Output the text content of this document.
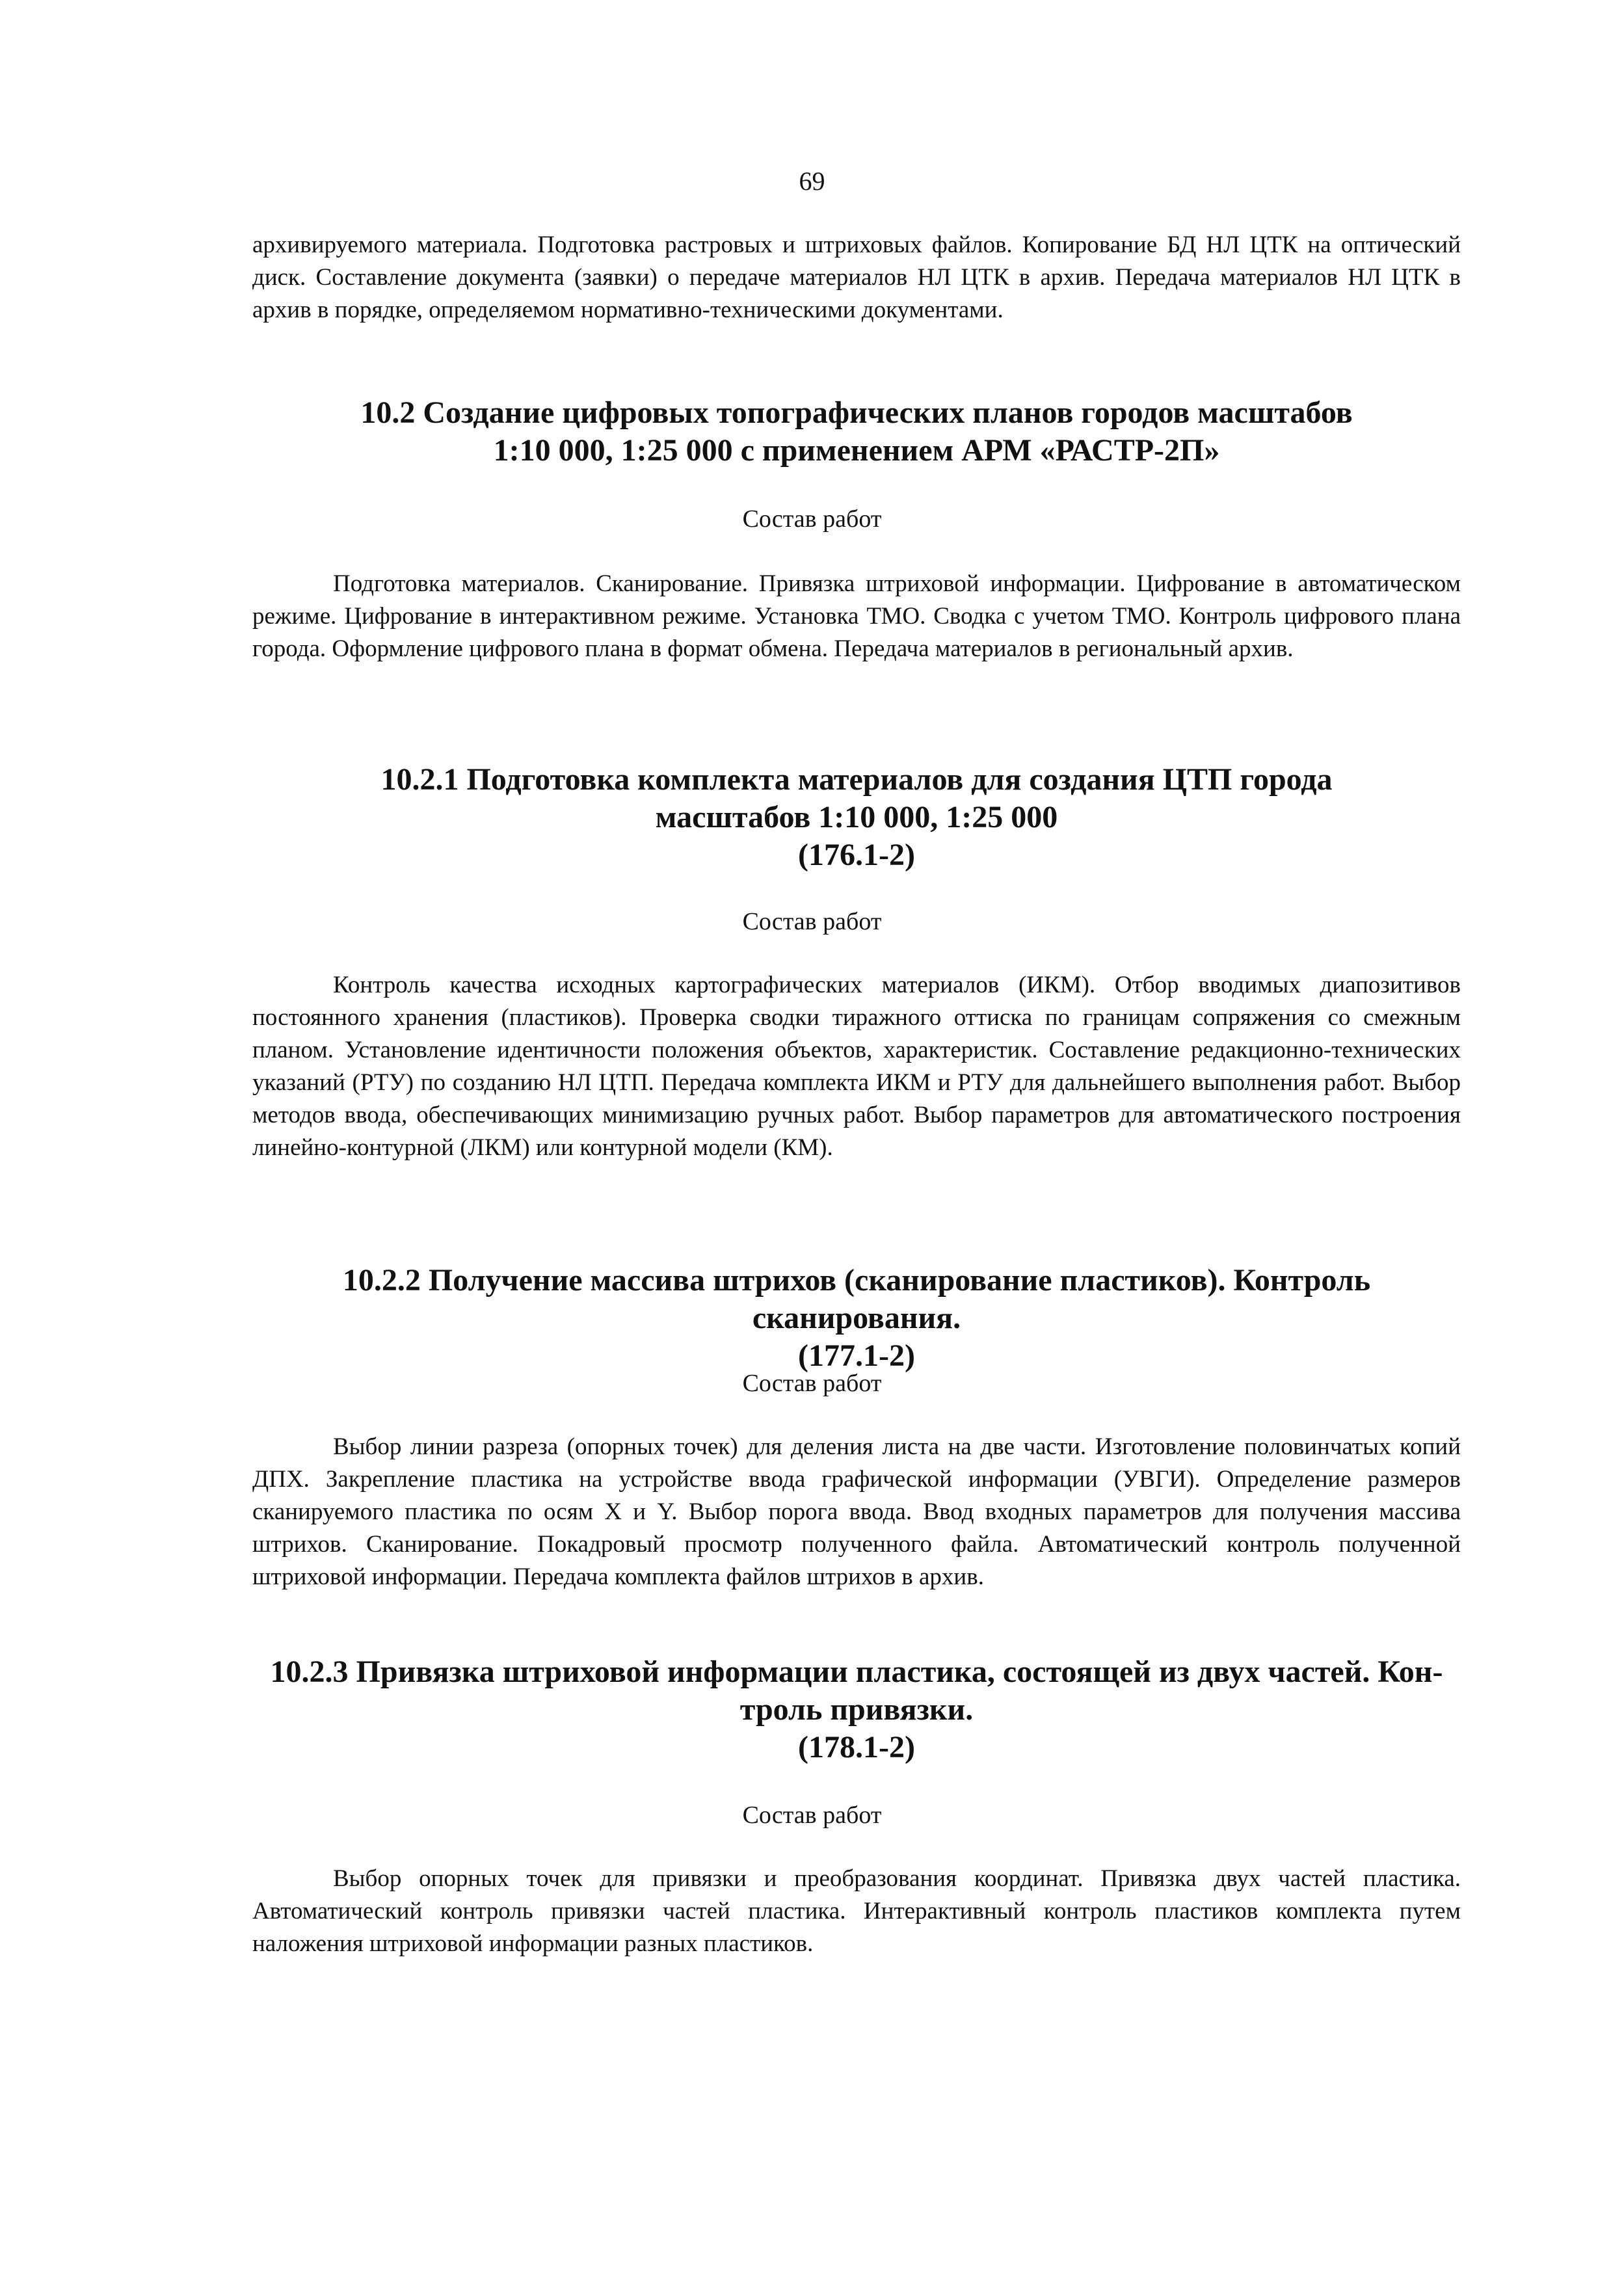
69

архивируемого материала. Подготовка растровых и штриховых файлов. Копирование БД НЛ ЦТК на оптический диск. Составление документа (заявки) о передаче материалов НЛ ЦТК в архив. Передача материалов НЛ ЦТК в архив в порядке, определяемом нормативно-техническими документами.

10.2 Создание цифровых топографических планов городов масштабов
1:10 000, 1:25 000 с применением АРМ «РАСТР-2П»
Состав работ

Подготовка материалов. Сканирование. Привязка штриховой информации. Цифрование в автоматическом режиме. Цифрование в интерактивном режиме. Установка ТМО. Сводка с учетом ТМО. Контроль цифрового плана города. Оформление цифрового плана в формат обмена. Передача материалов в региональный архив.

10.2.1 Подготовка комплекта материалов для создания ЦТП города
масштабов 1:10 000, 1:25 000
(176.1-2)
Состав работ

Контроль качества исходных картографических материалов (ИКМ). Отбор вводимых диапозитивов постоянного хранения (пластиков). Проверка сводки тиражного оттиска по границам сопряжения со смежным планом. Установление идентичности положения объектов, характеристик. Составление редакционно-технических указаний (РТУ) по созданию НЛ ЦТП. Передача комплекта ИКМ и РТУ для дальнейшего выполнения работ. Выбор методов ввода, обеспечивающих минимизацию ручных работ. Выбор параметров для автоматического построения линейно-контурной (ЛКМ) или контурной модели (КМ).

10.2.2 Получение массива штрихов (сканирование пластиков). Контроль сканирования.
(177.1-2)
Состав работ

Выбор линии разреза (опорных точек) для деления листа на две части. Изготовление половинчатых копий ДПХ. Закрепление пластика на устройстве ввода графической информации (УВГИ). Определение размеров сканируемого пластика по осям X и Y. Выбор порога ввода. Ввод входных параметров для получения массива штрихов. Сканирование. Покадровый просмотр полученного файла. Автоматический контроль полученной штриховой информации. Передача комплекта файлов штрихов в архив.

10.2.3 Привязка штриховой информации пластика, состоящей из двух частей. Кон-
троль привязки.
(178.1-2)
Состав работ

Выбор опорных точек для привязки и преобразования координат. Привязка двух частей пластика. Автоматический контроль привязки частей пластика. Интерактивный контроль пластиков комплекта путем наложения штриховой информации разных пластиков.
